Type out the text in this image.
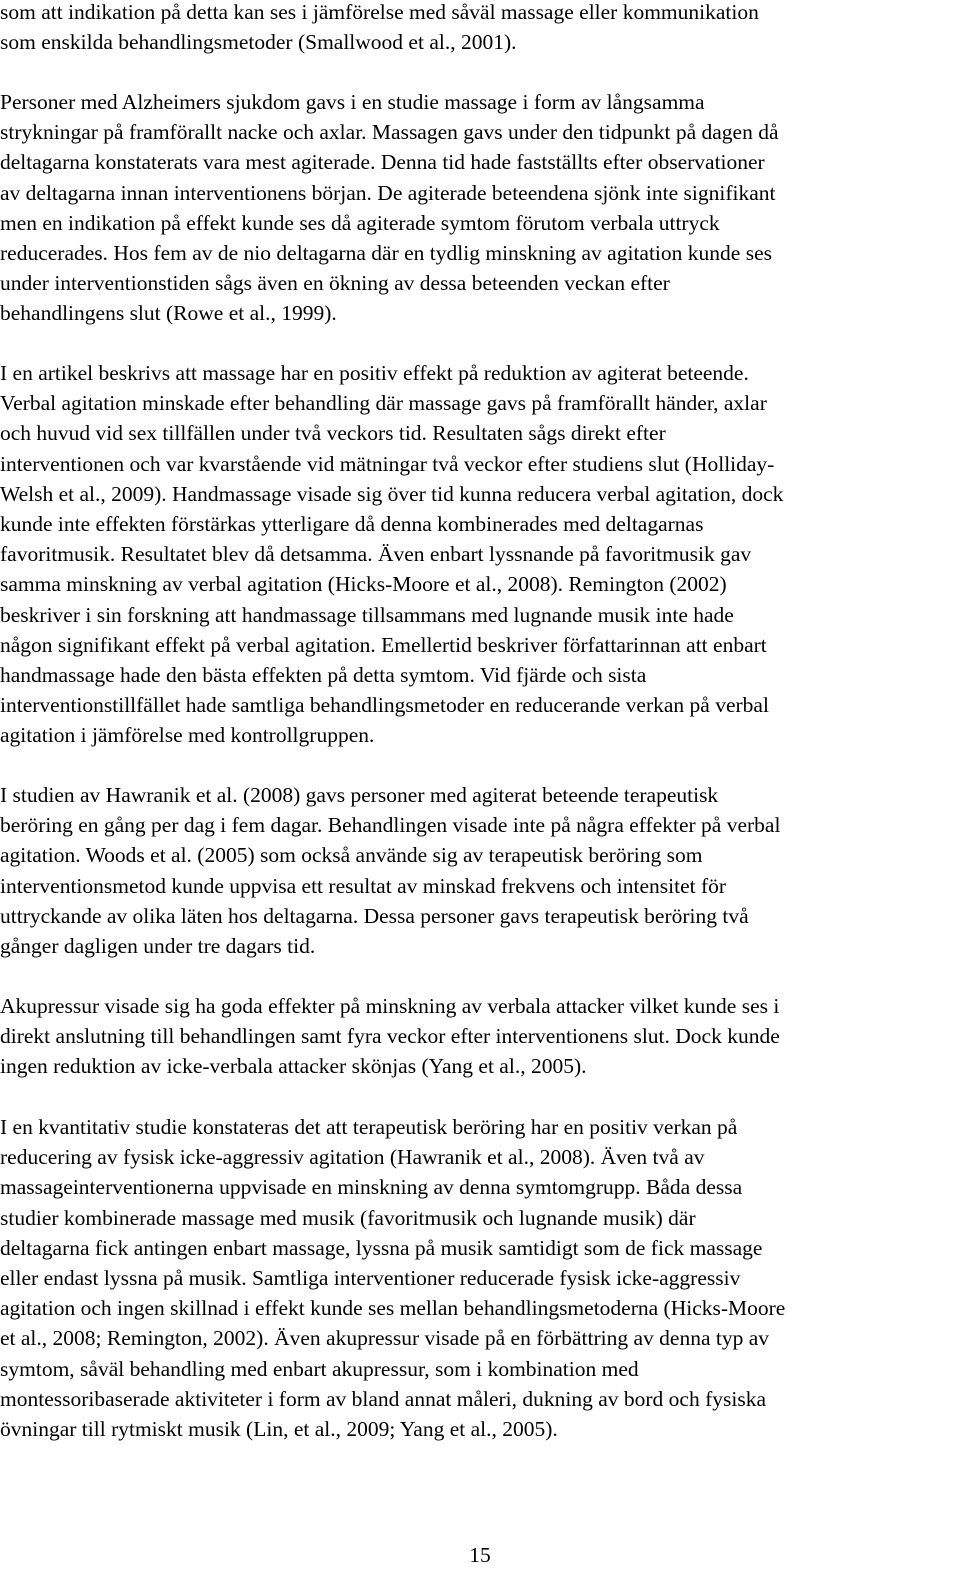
som att indikation på detta kan ses i jämförelse med såväl massage eller kommunikation
som enskilda behandlingsmetoder (Smallwood et al., 2001).
Personer med Alzheimers sjukdom gavs i en studie massage i form av långsamma
strykningar på framförallt nacke och axlar. Massagen gavs under den tidpunkt på dagen då
deltagarna konstaterats vara mest agiterade. Denna tid hade fastställts efter observationer
av deltagarna innan interventionens början. De agiterade beteendena sjönk inte signifikant
men en indikation på effekt kunde ses då agiterade symtom förutom verbala uttryck
reducerades. Hos fem av de nio deltagarna där en tydlig minskning av agitation kunde ses
under interventionstiden sågs även en ökning av dessa beteenden veckan efter
behandlingens slut (Rowe et al., 1999).
I en artikel beskrivs att massage har en positiv effekt på reduktion av agiterat beteende.
Verbal agitation minskade efter behandling där massage gavs på framförallt händer, axlar
och huvud vid sex tillfällen under två veckors tid. Resultaten sågs direkt efter
interventionen och var kvarstående vid mätningar två veckor efter studiens slut (Holliday-
Welsh et al., 2009). Handmassage visade sig över tid kunna reducera verbal agitation, dock
kunde inte effekten förstärkas ytterligare då denna kombinerades med deltagarnas
favoritmusik. Resultatet blev då detsamma. Även enbart lyssnande på favoritmusik gav
samma minskning av verbal agitation (Hicks-Moore et al., 2008). Remington (2002)
beskriver i sin forskning att handmassage tillsammans med lugnande musik inte hade
någon signifikant effekt på verbal agitation. Emellertid beskriver författarinnan att enbart
handmassage hade den bästa effekten på detta symtom. Vid fjärde och sista
interventionstillfället hade samtliga behandlingsmetoder en reducerande verkan på verbal
agitation i jämförelse med kontrollgruppen.
I studien av Hawranik et al. (2008) gavs personer med agiterat beteende terapeutisk
beröring en gång per dag i fem dagar. Behandlingen visade inte på några effekter på verbal
agitation. Woods et al. (2005) som också använde sig av terapeutisk beröring som
interventionsmetod kunde uppvisa ett resultat av minskad frekvens och intensitet för
uttryckande av olika läten hos deltagarna. Dessa personer gavs terapeutisk beröring två
gånger dagligen under tre dagars tid.
Akupressur visade sig ha goda effekter på minskning av verbala attacker vilket kunde ses i
direkt anslutning till behandlingen samt fyra veckor efter interventionens slut. Dock kunde
ingen reduktion av icke-verbala attacker skönjas (Yang et al., 2005).
I en kvantitativ studie konstateras det att terapeutisk beröring har en positiv verkan på
reducering av fysisk icke-aggressiv agitation (Hawranik et al., 2008). Även två av
massageinterventionerna uppvisade en minskning av denna symtomgrupp. Båda dessa
studier kombinerade massage med musik (favoritmusik och lugnande musik) där
deltagarna fick antingen enbart massage, lyssna på musik samtidigt som de fick massage
eller endast lyssna på musik. Samtliga interventioner reducerade fysisk icke-aggressiv
agitation och ingen skillnad i effekt kunde ses mellan behandlingsmetoderna (Hicks-Moore
et al., 2008; Remington, 2002). Även akupressur visade på en förbättring av denna typ av
symtom, såväl behandling med enbart akupressur, som i kombination med
montessoribaserade aktiviteter i form av bland annat måleri, dukning av bord och fysiska
övningar till rytmiskt musik (Lin, et al., 2009; Yang et al., 2005).
15
